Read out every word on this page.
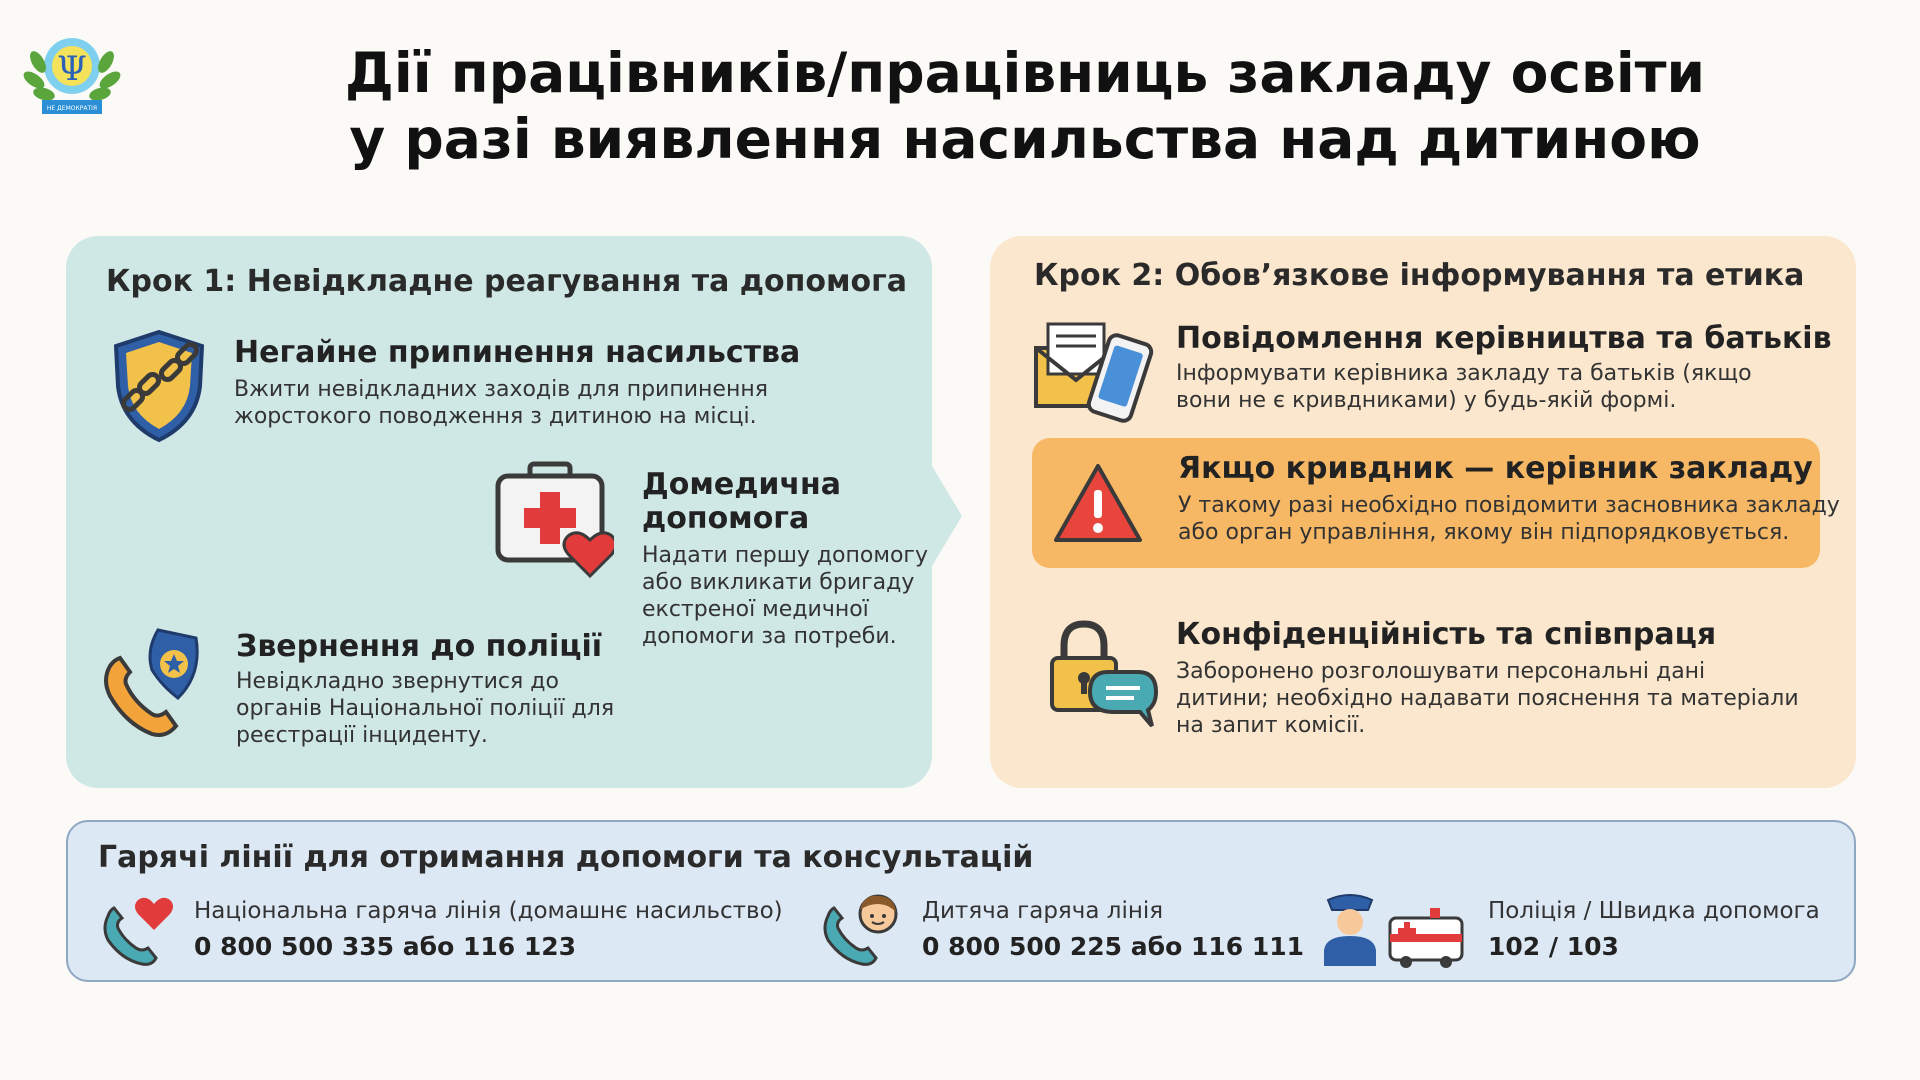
Ψ
НЕ ДЕМОКРАТІЯ
Дії працівників/працівниць закладу освіти
у разі виявлення насильства над дитиною
Крок 1: Невідкладне реагування та допомога
Негайне припинення насильства
Вжити невідкладних заходів для припинення
жорстокого поводження з дитиною на місці.
Домедична
допомога
Надати першу допомогу
або викликати бригаду
екстреної медичної
допомоги за потреби.
Звернення до поліції
Невідкладно звернутися до
органів Національної поліції для
реєстрації інциденту.
Крок 2: Обов’язкове інформування та етика
Повідомлення керівництва та батьків
Інформувати керівника закладу та батьків (якщо
вони не є кривдниками) у будь-якій формі.
Якщо кривдник — керівник закладу
У такому разі необхідно повідомити засновника закладу
або орган управління, якому він підпорядковується.
Конфіденційність та співпраця
Заборонено розголошувати персональні дані
дитини; необхідно надавати пояснення та матеріали
на запит комісії.
Гарячі лінії для отримання допомоги та консультацій
Національна гаряча лінія (домашнє насильство)
0 800 500 335 або 116 123
Дитяча гаряча лінія
0 800 500 225 або 116 111
Поліція / Швидка допомога
102 / 103
